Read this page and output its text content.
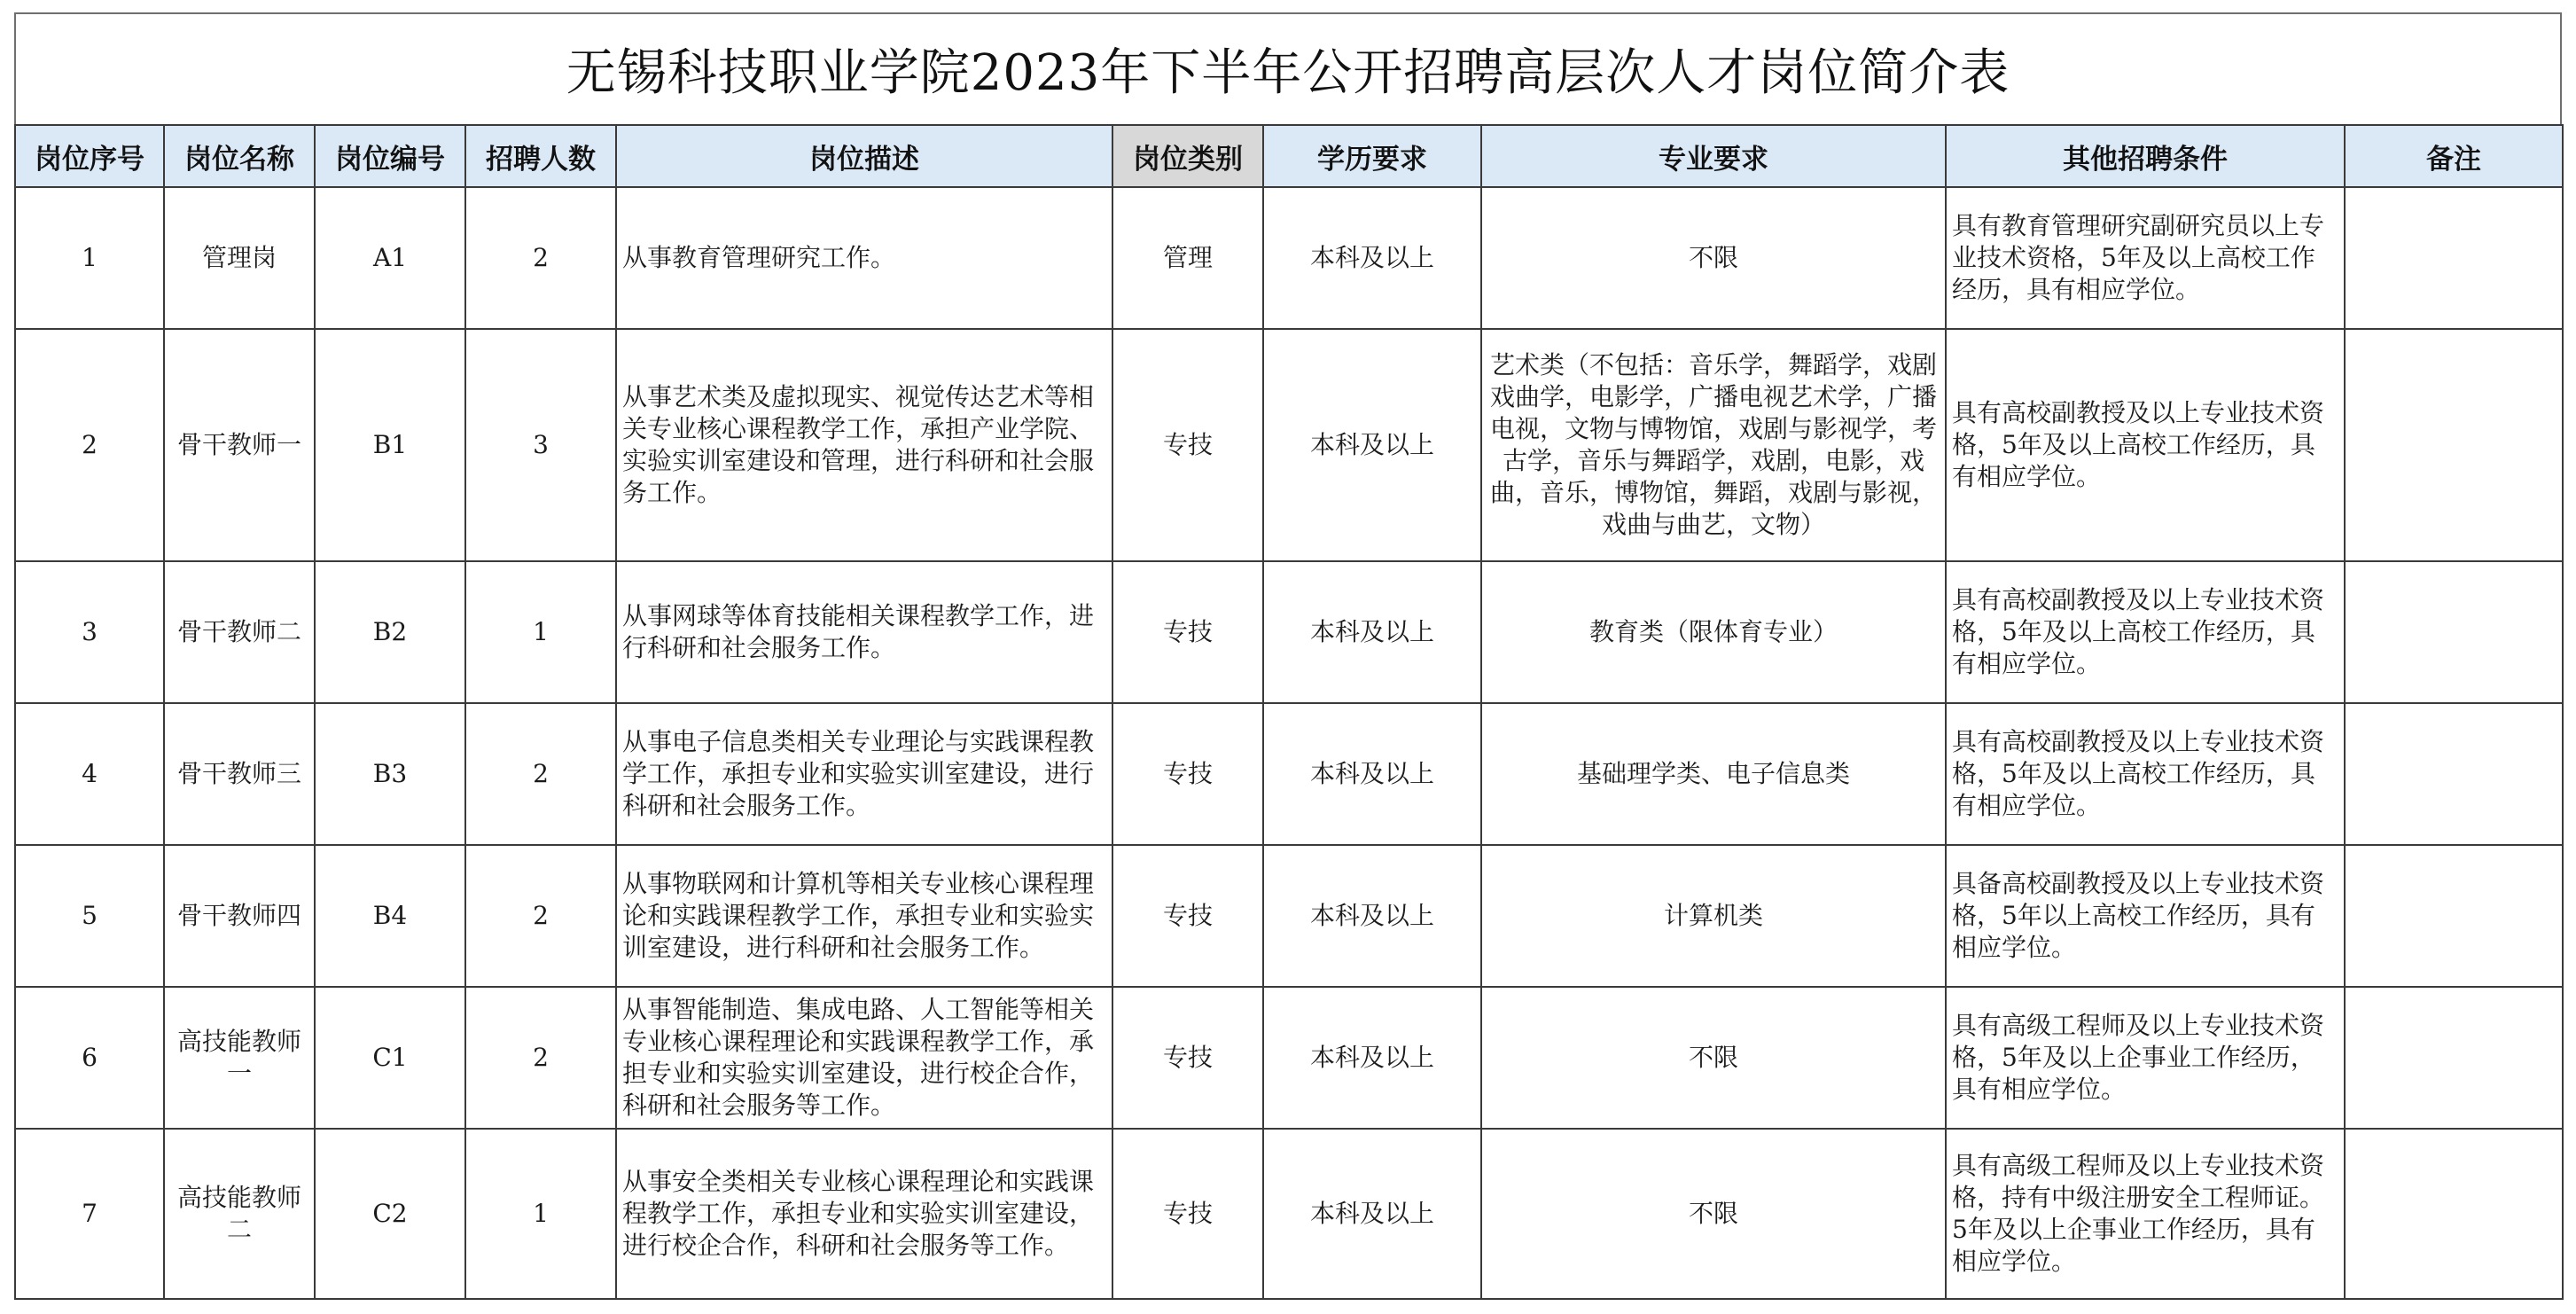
无锡科技职业学院2023年下半年公开招聘高层次人才岗位简介表
岗位序号	岗位名称	岗位编号	招聘人数	岗位描述	岗位类别	学历要求	专业要求	其他招聘条件	备注
1	管理岗	A1	2	从事教育管理研究工作。	管理	本科及以上	不限	具有教育管理研究副研究员以上专业技术资格，5年及以上高校工作经历，具有相应学位。	
2	骨干教师一	B1	3	从事艺术类及虚拟现实、视觉传达艺术等相关专业核心课程教学工作，承担产业学院、实验实训室建设和管理，进行科研和社会服务工作。	专技	本科及以上	艺术类（不包括：音乐学，舞蹈学，戏剧戏曲学，电影学，广播电视艺术学，广播电视，文物与博物馆，戏剧与影视学，考古学，音乐与舞蹈学，戏剧，电影，戏曲，音乐，博物馆，舞蹈，戏剧与影视，戏曲与曲艺，文物）	具有高校副教授及以上专业技术资格，5年及以上高校工作经历，具有相应学位。	
3	骨干教师二	B2	1	从事网球等体育技能相关课程教学工作，进行科研和社会服务工作。	专技	本科及以上	教育类（限体育专业）	具有高校副教授及以上专业技术资格，5年及以上高校工作经历，具有相应学位。	
4	骨干教师三	B3	2	从事电子信息类相关专业理论与实践课程教学工作，承担专业和实验实训室建设，进行科研和社会服务工作。	专技	本科及以上	基础理学类、电子信息类	具有高校副教授及以上专业技术资格，5年及以上高校工作经历，具有相应学位。	
5	骨干教师四	B4	2	从事物联网和计算机等相关专业核心课程理论和实践课程教学工作，承担专业和实验实训室建设，进行科研和社会服务工作。	专技	本科及以上	计算机类	具备高校副教授及以上专业技术资格，5年以上高校工作经历，具有相应学位。	
6	高技能教师一	C1	2	从事智能制造、集成电路、人工智能等相关专业核心课程理论和实践课程教学工作，承担专业和实验实训室建设，进行校企合作，科研和社会服务等工作。	专技	本科及以上	不限	具有高级工程师及以上专业技术资格，5年及以上企事业工作经历，具有相应学位。	
7	高技能教师二	C2	1	从事安全类相关专业核心课程理论和实践课程教学工作，承担专业和实验实训室建设，进行校企合作，科研和社会服务等工作。	专技	本科及以上	不限	具有高级工程师及以上专业技术资格，持有中级注册安全工程师证。5年及以上企事业工作经历，具有相应学位。	
